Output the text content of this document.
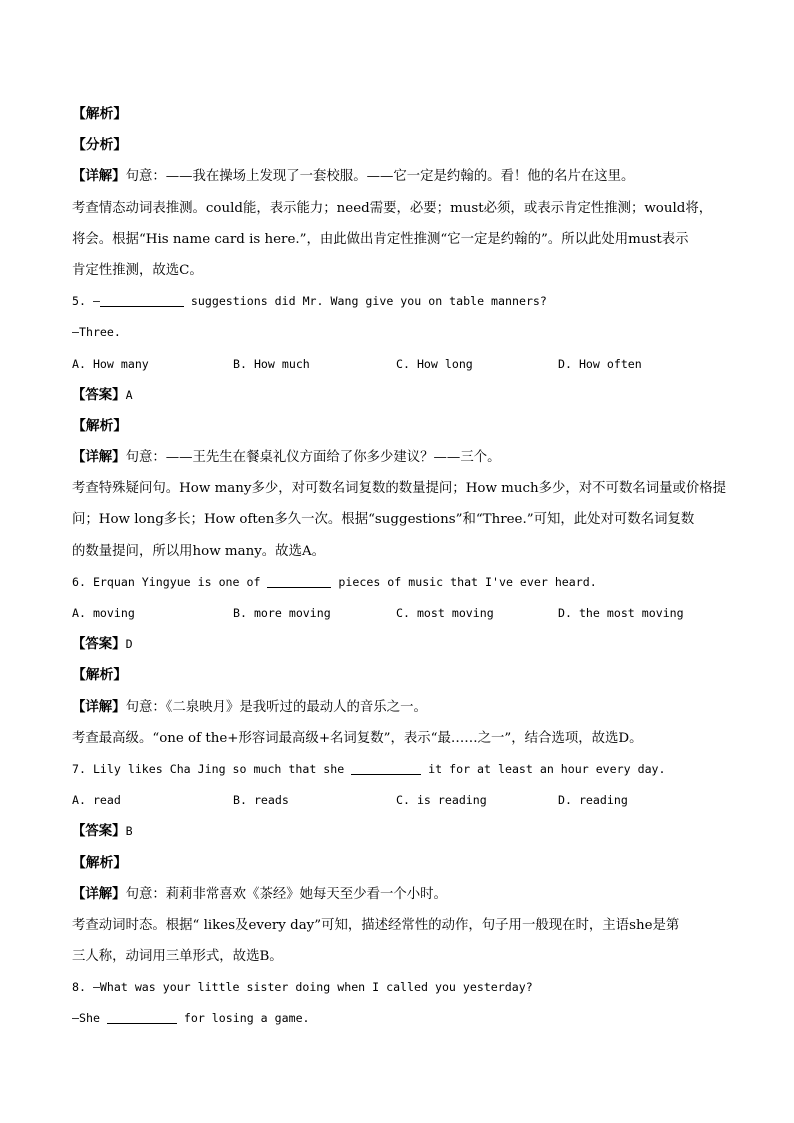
【解析】
【分析】
【详解】句意：——我在操场上发现了一套校服。——它一定是约翰的。看！他的名片在这里。
考查情态动词表推测。could能，表示能力；need需要，必要；must必须，或表示肯定性推测；would将，
将会。根据“His name card is here.”，由此做出肯定性推测“它一定是约翰的”。所以此处用must表示
肯定性推测，故选C。
5. —	suggestions did Mr. Wang give you on table manners?
—Three.
A. How many	B. How much	C. How long	D. How often
【答案】A
【解析】
【详解】句意：——王先生在餐桌礼仪方面给了你多少建议？——三个。
考查特殊疑问句。How many多少，对可数名词复数的数量提问；How much多少，对不可数名词量或价格提
问；How long多长；How often多久一次。根据“suggestions”和“Three.”可知，此处对可数名词复数
的数量提问，所以用how many。故选A。
6. Erquan Yingyue is one of	pieces of music that I've ever heard.
A. moving	B. more moving	C. most moving	D. the most moving
【答案】D
【解析】
【详解】句意：《二泉映月》是我听过的最动人的音乐之一。
考查最高级。“one of the+形容词最高级+名词复数”，表示“最……之一”，结合选项，故选D。
7. Lily likes Cha Jing so much that she	it for at least an hour every day.
A. read	B. reads	C. is reading	D. reading
【答案】B
【解析】
【详解】句意：莉莉非常喜欢《茶经》她每天至少看一个小时。
考查动词时态。根据“ likes及every day”可知，描述经常性的动作，句子用一般现在时，主语she是第
三人称，动词用三单形式，故选B。
8. —What was your little sister doing when I called you yesterday?
—She	for losing a game.
